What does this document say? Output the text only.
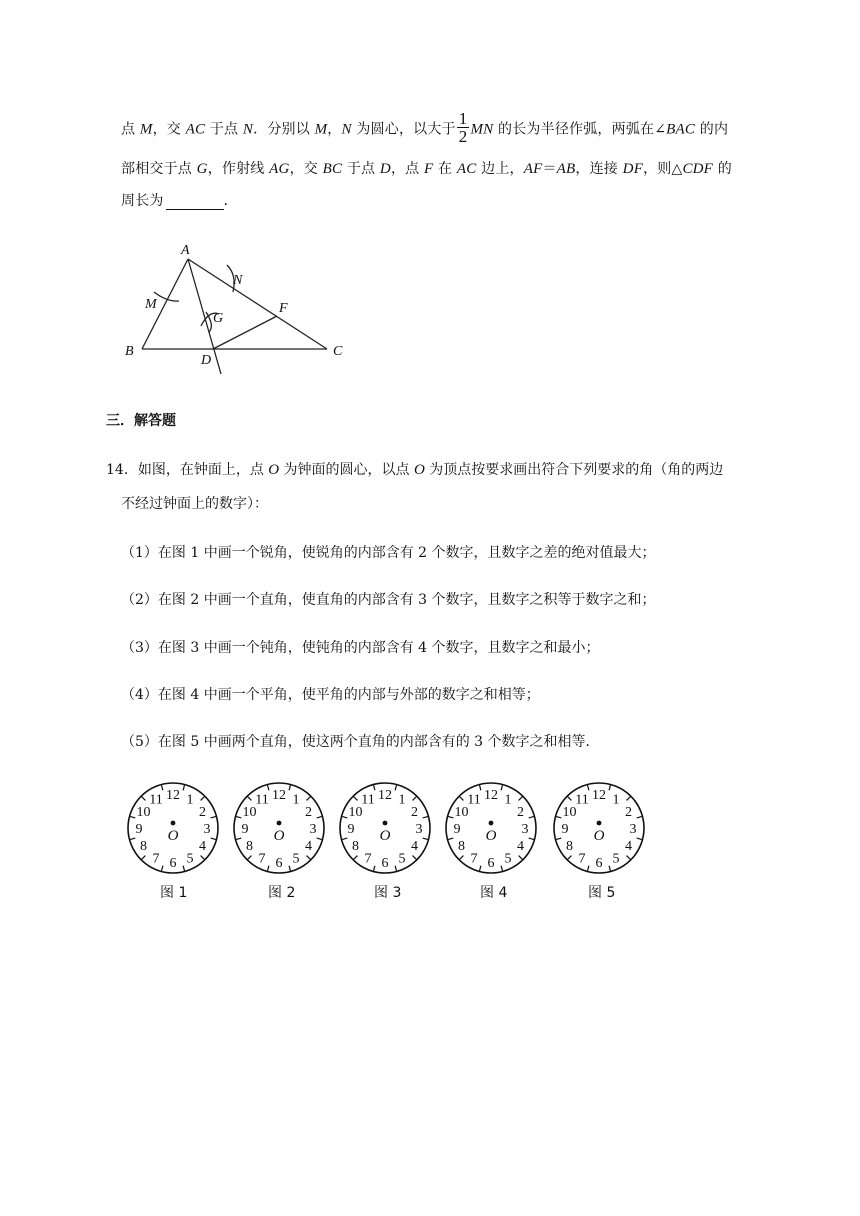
点 M，交 AC 于点 N．分别以 M，N 为圆心，以大于 $\frac{1}{2}$ MN 的长为半径作弧，两弧在∠BAC 的内
部相交于点 G，作射线 AG，交 BC 于点 D，点 F 在 AC 边上，AF＝AB，连接 DF，则△CDF 的
周长为	．
A
B	C
D
F
G
M
N
三．解答题
14．如图，在钟面上，点 O 为钟面的圆心，以点 O 为顶点按要求画出符合下列要求的角（角的两边
不经过钟面上的数字）：
（1）在图 1 中画一个锐角，使锐角的内部含有 2 个数字，且数字之差的绝对值最大；
（2）在图 2 中画一个直角，使直角的内部含有 3 个数字，且数字之积等于数字之和；
（3）在图 3 中画一个钝角，使钝角的内部含有 4 个数字，且数字之和最小；
（4）在图 4 中画一个平角，使平角的内部与外部的数字之和相等；
（5）在图 5 中画两个直角，使这两个直角的内部含有的 3 个数字之和相等．
12 1
2
3
4
5
6
7
8
9
10
11
O
12 1
2
3
4
5
6
7
8
9
10
11
O
12 1
2
3
4
5
6
7
8
9
10
11
O
12 1
2
3
4
5
6
7
8
9
10
11
O
12 1
2
3
4
5
6
7
8
9
10
11
O
图 1	图 2	图 3	图 4	图 5
